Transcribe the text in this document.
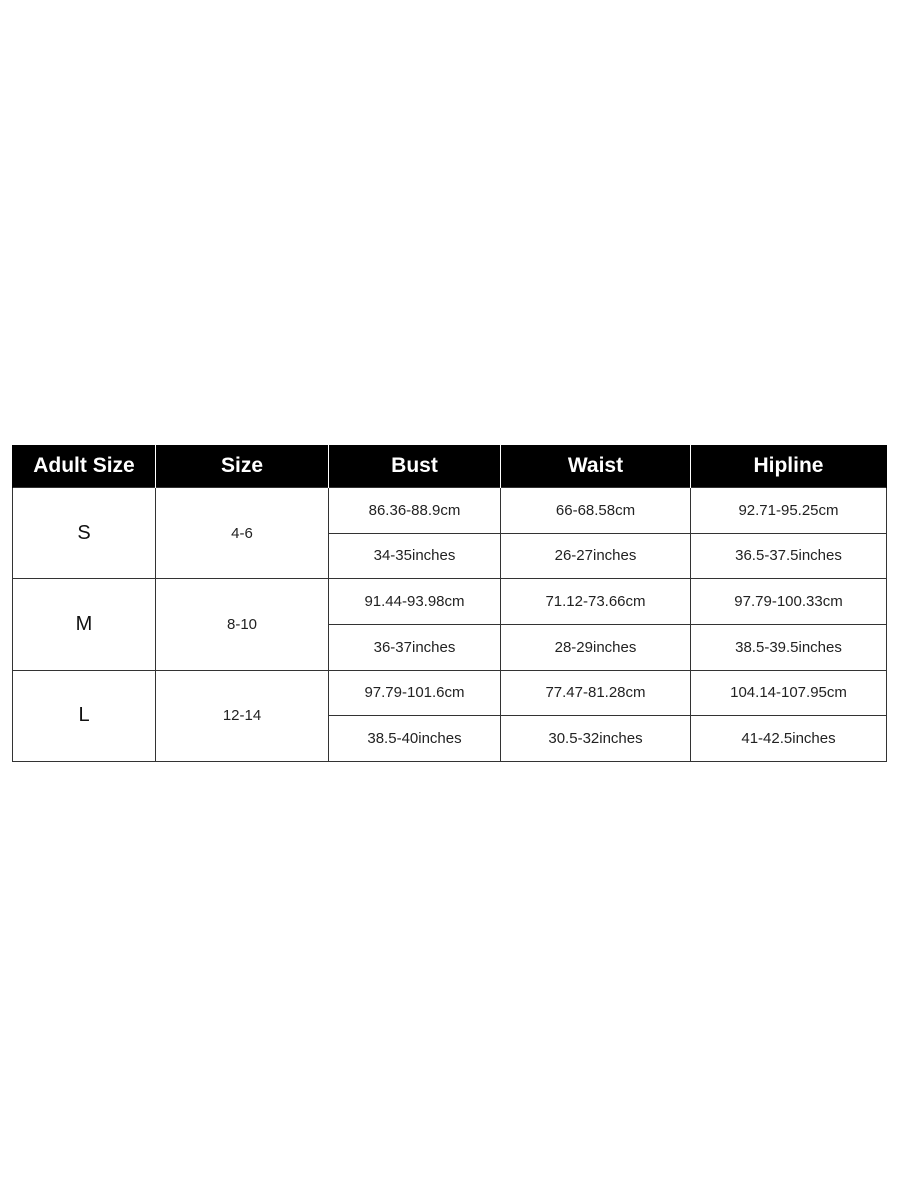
Adult Size	Size	Bust	Waist	Hipline
S	4-6	86.36-88.9cm	66-68.58cm	92.71-95.25cm
		34-35inches	26-27inches	36.5-37.5inches
M	8-10	91.44-93.98cm	71.12-73.66cm	97.79-100.33cm
		36-37inches	28-29inches	38.5-39.5inches
L	12-14	97.79-101.6cm	77.47-81.28cm	104.14-107.95cm
		38.5-40inches	30.5-32inches	41-42.5inches
